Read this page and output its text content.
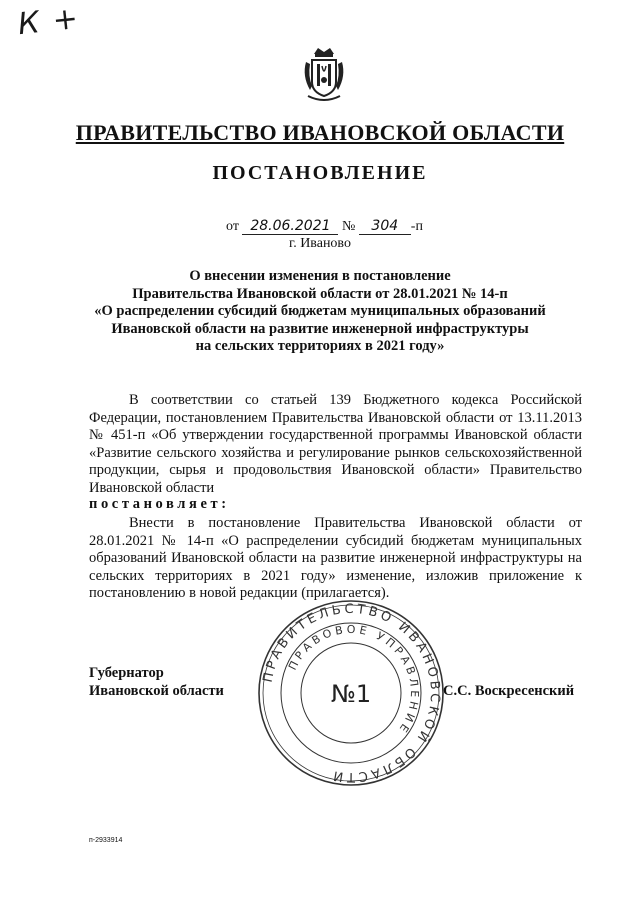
К +
ПРАВИТЕЛЬСТВО ИВАНОВСКОЙ ОБЛАСТИ
ПОСТАНОВЛЕНИЕ
от 28.06.2021 № 304 -п
г. Иваново
О внесении изменения в постановление
Правительства Ивановской области от 28.01.2021 № 14-п
«О распределении субсидий бюджетам муниципальных образований
Ивановской области на развитие инженерной инфраструктуры
на сельских территориях в 2021 году»
В соответствии со статьей 139 Бюджетного кодекса Российской Федерации, постановлением Правительства Ивановской области от 13.11.2013 № 451-п «Об утверждении государственной программы Ивановской области «Развитие сельского хозяйства и регулирование рынков сельскохозяйственной продукции, сырья и продовольствия Ивановской области» Правительство Ивановской области
постановляет:
Внести в постановление Правительства Ивановской области от 28.01.2021 № 14-п «О распределении субсидий бюджетам муниципальных образований Ивановской области на развитие инженерной инфраструктуры на сельских территориях в 2021 году» изменение, изложив приложение к постановлению в новой редакции (прилагается).
ПРАВИТЕЛЬСТВО ИВАНОВСКОЙ ОБЛАСТИ
ПРАВОВОЕ УПРАВЛЕНИЕ
№1
Губернатор
Ивановской области	С.С. Воскресенский
п-2933914
